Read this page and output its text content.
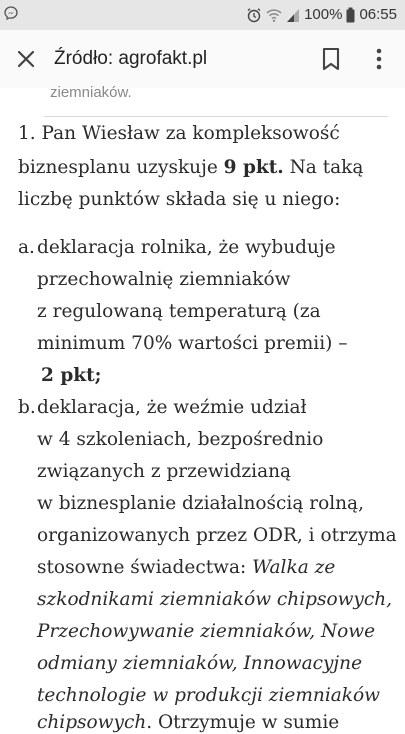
100% 06:55
Źródło: agrofakt.pl
ziemniaków.
1. Pan Wiesław za kompleksowość
biznesplanu uzyskuje 9 pkt. Na taką
liczbę punktów składa się u niego:
a. deklaracja rolnika, że wybuduje
przechowalnię ziemniaków
z regulowaną temperaturą (za
minimum 70% wartości premii) –
2 pkt;
b. deklaracja, że weźmie udział
w 4 szkoleniach, bezpośrednio
związanych z przewidzianą
w biznesplanie działalnością rolną,
organizowanych przez ODR, i otrzyma
stosowne świadectwa: Walka ze
szkodnikami ziemniaków chipsowych,
Przechowywanie ziemniaków, Nowe
odmiany ziemniaków, Innowacyjne
technologie w produkcji ziemniaków
chipsowych. Otrzymuje w sumie
